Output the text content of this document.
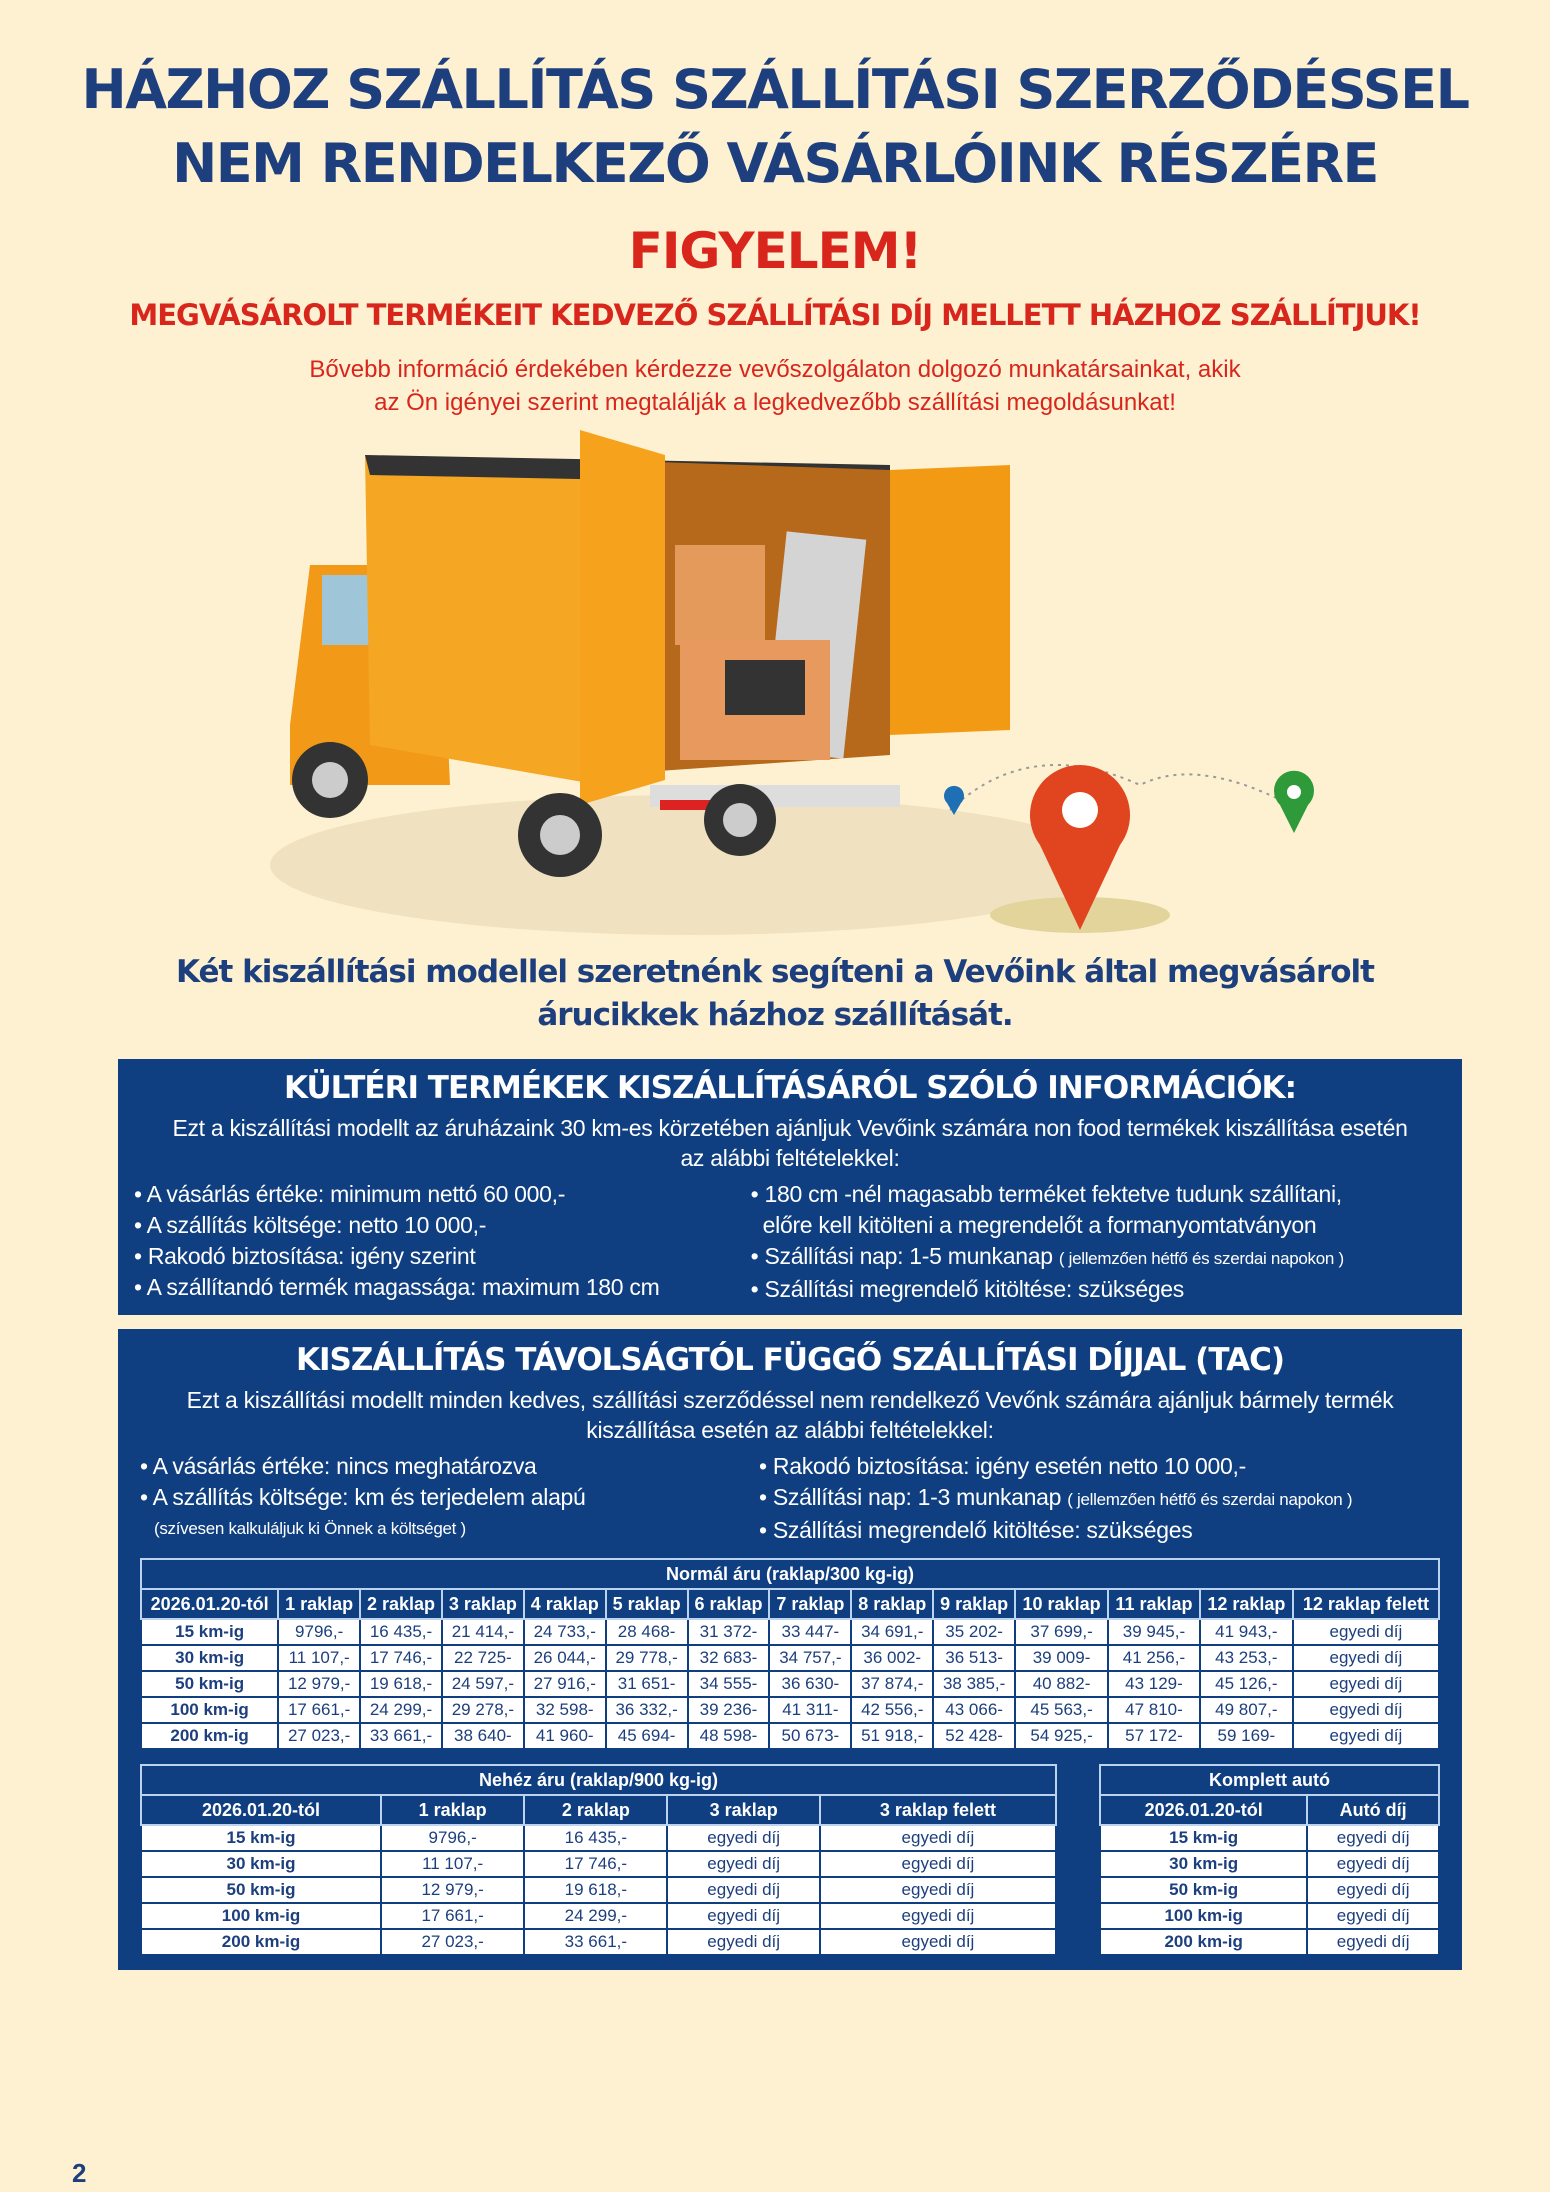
HÁZHOZ SZÁLLÍTÁS SZÁLLÍTÁSI SZERZŐDÉSSEL
NEM RENDELKEZŐ VÁSÁRLÓINK RÉSZÉRE
FIGYELEM!
MEGVÁSÁROLT TERMÉKEIT KEDVEZŐ SZÁLLÍTÁSI DÍJ MELLETT HÁZHOZ SZÁLLÍTJUK!
Bővebb információ érdekében kérdezze vevőszolgálaton dolgozó munkatársainkat, akik
az Ön igényei szerint megtalálják a legkedvezőbb szállítási megoldásunkat!
Két kiszállítási modellel szeretnénk segíteni a Vevőink által megvásárolt
árucikkek házhoz szállítását.
KÜLTÉRI TERMÉKEK KISZÁLLÍTÁSÁRÓL SZÓLÓ INFORMÁCIÓK:
Ezt a kiszállítási modellt az áruházaink 30 km-es körzetében ajánljuk Vevőink számára non food termékek kiszállítása esetén
az alábbi feltételekkel:
• A vásárlás értéke: minimum nettó 60 000,-
• A szállítás költsége: netto 10 000,-
• Rakodó biztosítása: igény szerint
• A szállítandó termék magassága: maximum 180 cm
• 180 cm -nél magasabb terméket fektetve tudunk szállítani,
előre kell kitölteni a megrendelőt a formanyomtatványon
• Szállítási nap: 1-5 munkanap ( jellemzően hétfő és szerdai napokon )
• Szállítási megrendelő kitöltése: szükséges
KISZÁLLÍTÁS TÁVOLSÁGTÓL FÜGGŐ SZÁLLÍTÁSI DÍJJAL (TAC)
Ezt a kiszállítási modellt minden kedves, szállítási szerződéssel nem rendelkező Vevőnk számára ajánljuk bármely termék
kiszállítása esetén az alábbi feltételekkel:
• A vásárlás értéke: nincs meghatározva
• A szállítás költsége: km és terjedelem alapú
(szívesen kalkuláljuk ki Önnek a költséget )
• Rakodó biztosítása: igény esetén netto 10 000,-
• Szállítási nap: 1-3 munkanap ( jellemzően hétfő és szerdai napokon )
• Szállítási megrendelő kitöltése: szükséges
Normál áru (raklap/300 kg-ig)													
2026.01.20-tól	1 raklap	2 raklap	3 raklap	4 raklap	5 raklap	6 raklap	7 raklap	8 raklap	9 raklap	10 raklap	11 raklap	12 raklap	12 raklap felett
15 km-ig	9796,-	16 435,-	21 414,-	24 733,-	28 468-	31 372-	33 447-	34 691,-	35 202-	37 699,-	39 945,-	41 943,-	egyedi díj
30 km-ig	11 107,-	17 746,-	22 725-	26 044,-	29 778,-	32 683-	34 757,-	36 002-	36 513-	39 009-	41 256,-	43 253,-	egyedi díj
50 km-ig	12 979,-	19 618,-	24 597,-	27 916,-	31 651-	34 555-	36 630-	37 874,-	38 385,-	40 882-	43 129-	45 126,-	egyedi díj
100 km-ig	17 661,-	24 299,-	29 278,-	32 598-	36 332,-	39 236-	41 311-	42 556,-	43 066-	45 563,-	47 810-	49 807,-	egyedi díj
200 km-ig	27 023,-	33 661,-	38 640-	41 960-	45 694-	48 598-	50 673-	51 918,-	52 428-	54 925,-	57 172-	59 169-	egyedi díj
Nehéz áru (raklap/900 kg-ig)				
2026.01.20-tól	1 raklap	2 raklap	3 raklap	3 raklap felett
15 km-ig	9796,-	16 435,-	egyedi díj	egyedi díj
30 km-ig	11 107,-	17 746,-	egyedi díj	egyedi díj
50 km-ig	12 979,-	19 618,-	egyedi díj	egyedi díj
100 km-ig	17 661,-	24 299,-	egyedi díj	egyedi díj
200 km-ig	27 023,-	33 661,-	egyedi díj	egyedi díj
Komplett autó	
2026.01.20-tól	Autó díj
15 km-ig	egyedi díj
30 km-ig	egyedi díj
50 km-ig	egyedi díj
100 km-ig	egyedi díj
200 km-ig	egyedi díj
2
